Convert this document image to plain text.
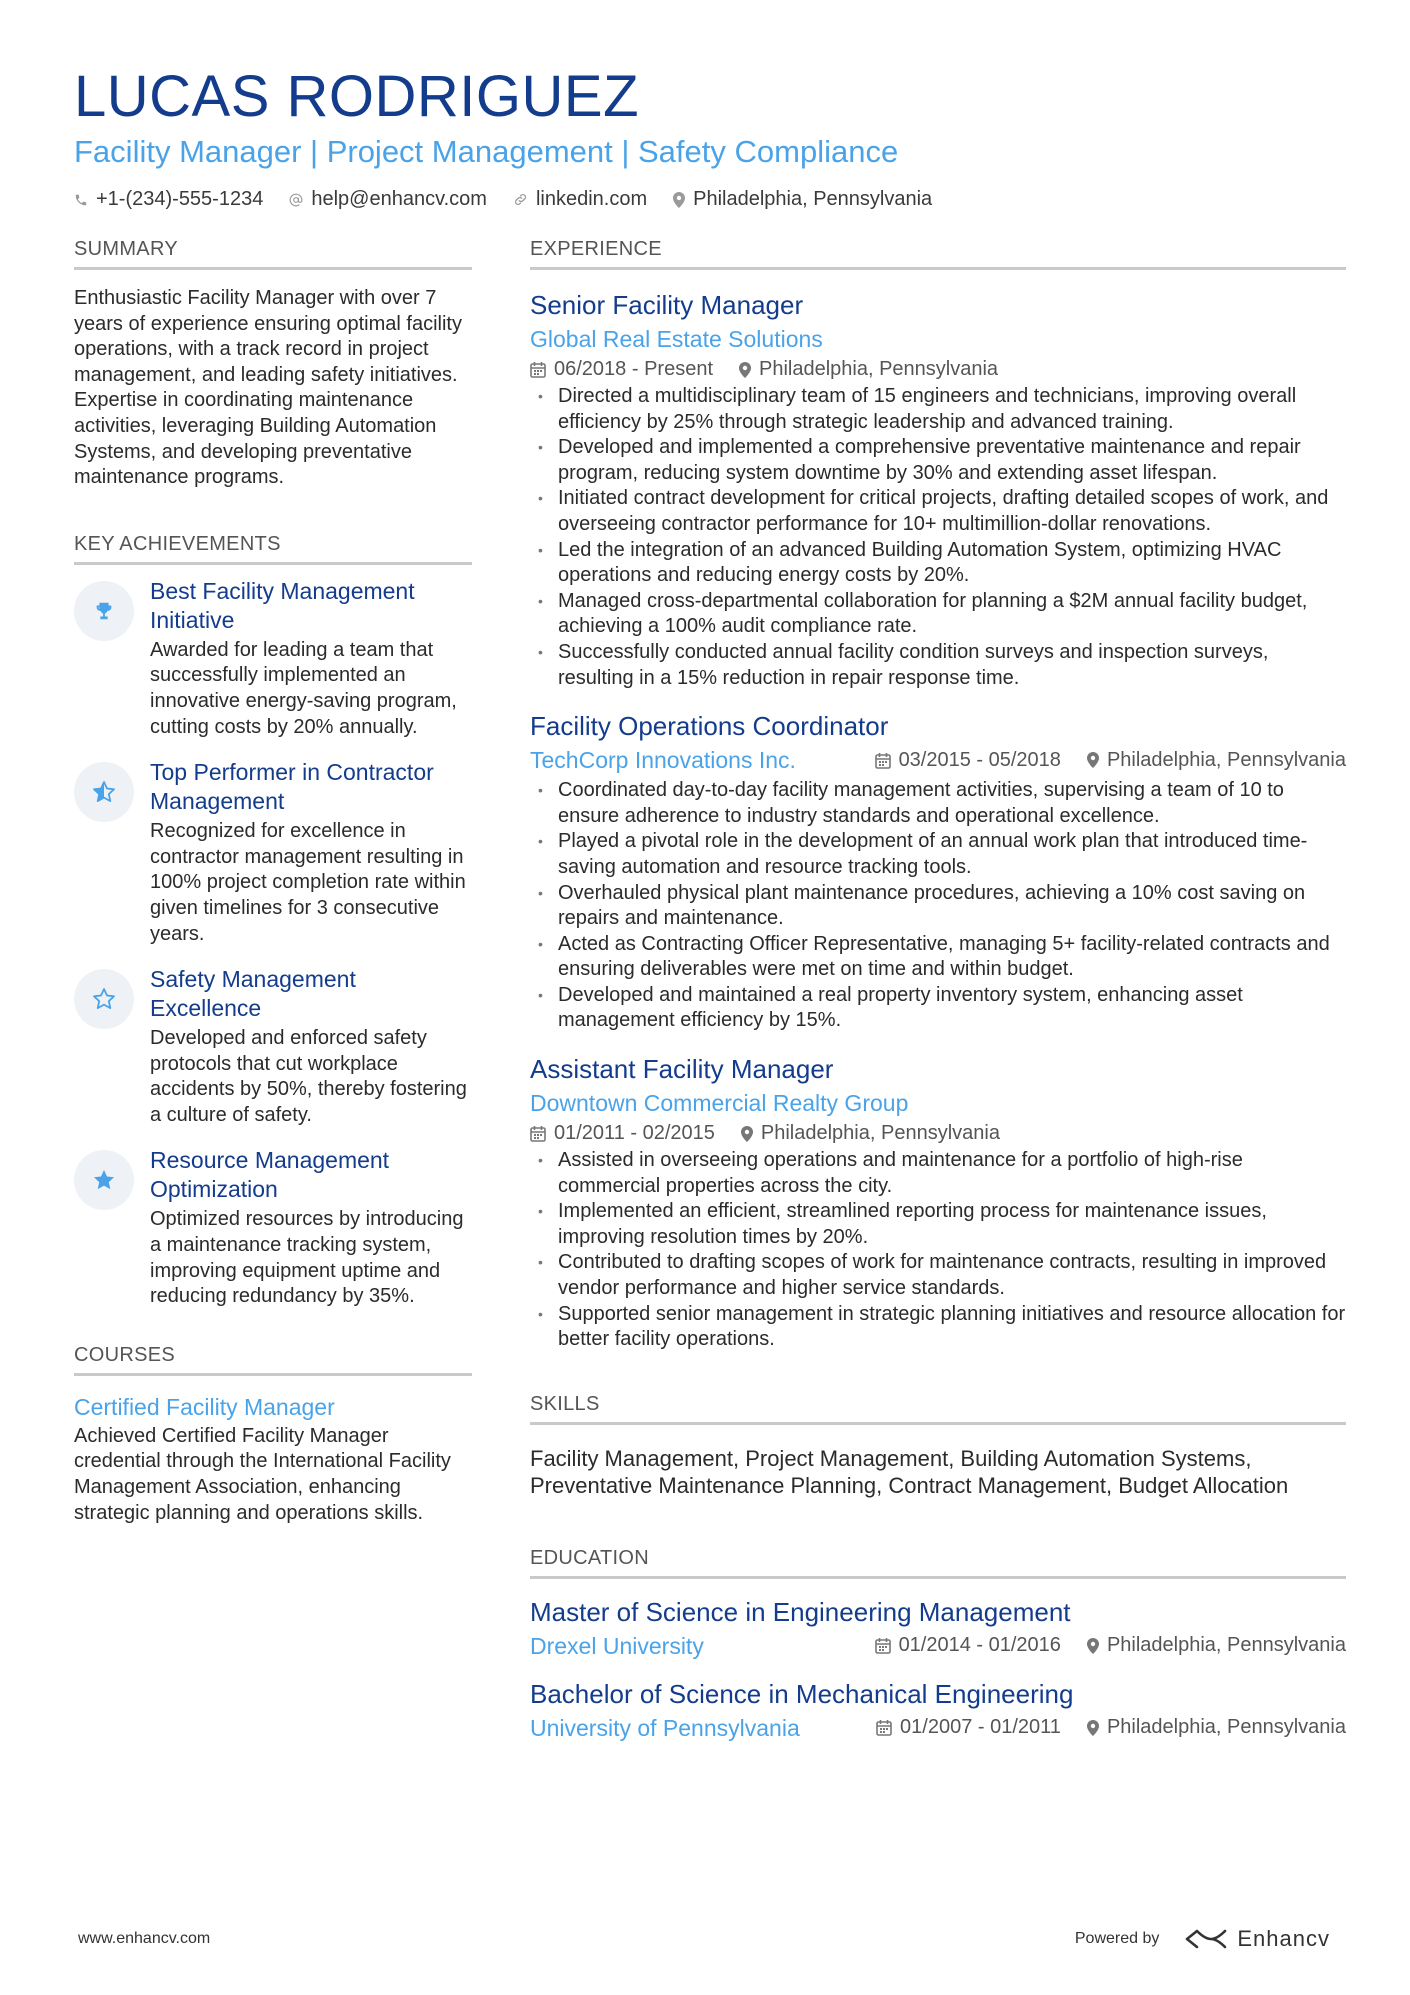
LUCAS RODRIGUEZ
Facility Manager | Project Management | Safety Compliance
+1-(234)-555-1234 help@enhancv.com linkedin.com Philadelphia, Pennsylvania
SUMMARY
Enthusiastic Facility Manager with over 7 years of experience ensuring optimal facility operations, with a track record in project management, and leading safety initiatives. Expertise in coordinating maintenance activities, leveraging Building Automation Systems, and developing preventative maintenance programs.
KEY ACHIEVEMENTS
Best Facility Management Initiative
Awarded for leading a team that successfully implemented an innovative energy-saving program, cutting costs by 20% annually.
Top Performer in Contractor Management
Recognized for excellence in contractor management resulting in 100% project completion rate within given timelines for 3 consecutive years.
Safety Management Excellence
Developed and enforced safety protocols that cut workplace accidents by 50%, thereby fostering a culture of safety.
Resource Management Optimization
Optimized resources by introducing a maintenance tracking system, improving equipment uptime and reducing redundancy by 35%.
COURSES
Certified Facility Manager
Achieved Certified Facility Manager credential through the International Facility Management Association, enhancing strategic planning and operations skills.
EXPERIENCE
Senior Facility Manager
Global Real Estate Solutions
06/2018 - Present Philadelphia, Pennsylvania
• Directed a multidisciplinary team of 15 engineers and technicians, improving overall efficiency by 25% through strategic leadership and advanced training.
• Developed and implemented a comprehensive preventative maintenance and repair program, reducing system downtime by 30% and extending asset lifespan.
• Initiated contract development for critical projects, drafting detailed scopes of work, and overseeing contractor performance for 10+ multimillion-dollar renovations.
• Led the integration of an advanced Building Automation System, optimizing HVAC operations and reducing energy costs by 20%.
• Managed cross-departmental collaboration for planning a $2M annual facility budget, achieving a 100% audit compliance rate.
• Successfully conducted annual facility condition surveys and inspection surveys, resulting in a 15% reduction in repair response time.
Facility Operations Coordinator
TechCorp Innovations Inc.	03/2015 - 05/2018 Philadelphia, Pennsylvania
• Coordinated day-to-day facility management activities, supervising a team of 10 to ensure adherence to industry standards and operational excellence.
• Played a pivotal role in the development of an annual work plan that introduced time-saving automation and resource tracking tools.
• Overhauled physical plant maintenance procedures, achieving a 10% cost saving on repairs and maintenance.
• Acted as Contracting Officer Representative, managing 5+ facility-related contracts and ensuring deliverables were met on time and within budget.
• Developed and maintained a real property inventory system, enhancing asset management efficiency by 15%.
Assistant Facility Manager
Downtown Commercial Realty Group
01/2011 - 02/2015 Philadelphia, Pennsylvania
• Assisted in overseeing operations and maintenance for a portfolio of high-rise commercial properties across the city.
• Implemented an efficient, streamlined reporting process for maintenance issues, improving resolution times by 20%.
• Contributed to drafting scopes of work for maintenance contracts, resulting in improved vendor performance and higher service standards.
• Supported senior management in strategic planning initiatives and resource allocation for better facility operations.
SKILLS
Facility Management, Project Management, Building Automation Systems, Preventative Maintenance Planning, Contract Management, Budget Allocation
EDUCATION
Master of Science in Engineering Management
Drexel University	01/2014 - 01/2016 Philadelphia, Pennsylvania
Bachelor of Science in Mechanical Engineering
University of Pennsylvania	01/2007 - 01/2011 Philadelphia, Pennsylvania
www.enhancv.com	Powered by	Enhancv
